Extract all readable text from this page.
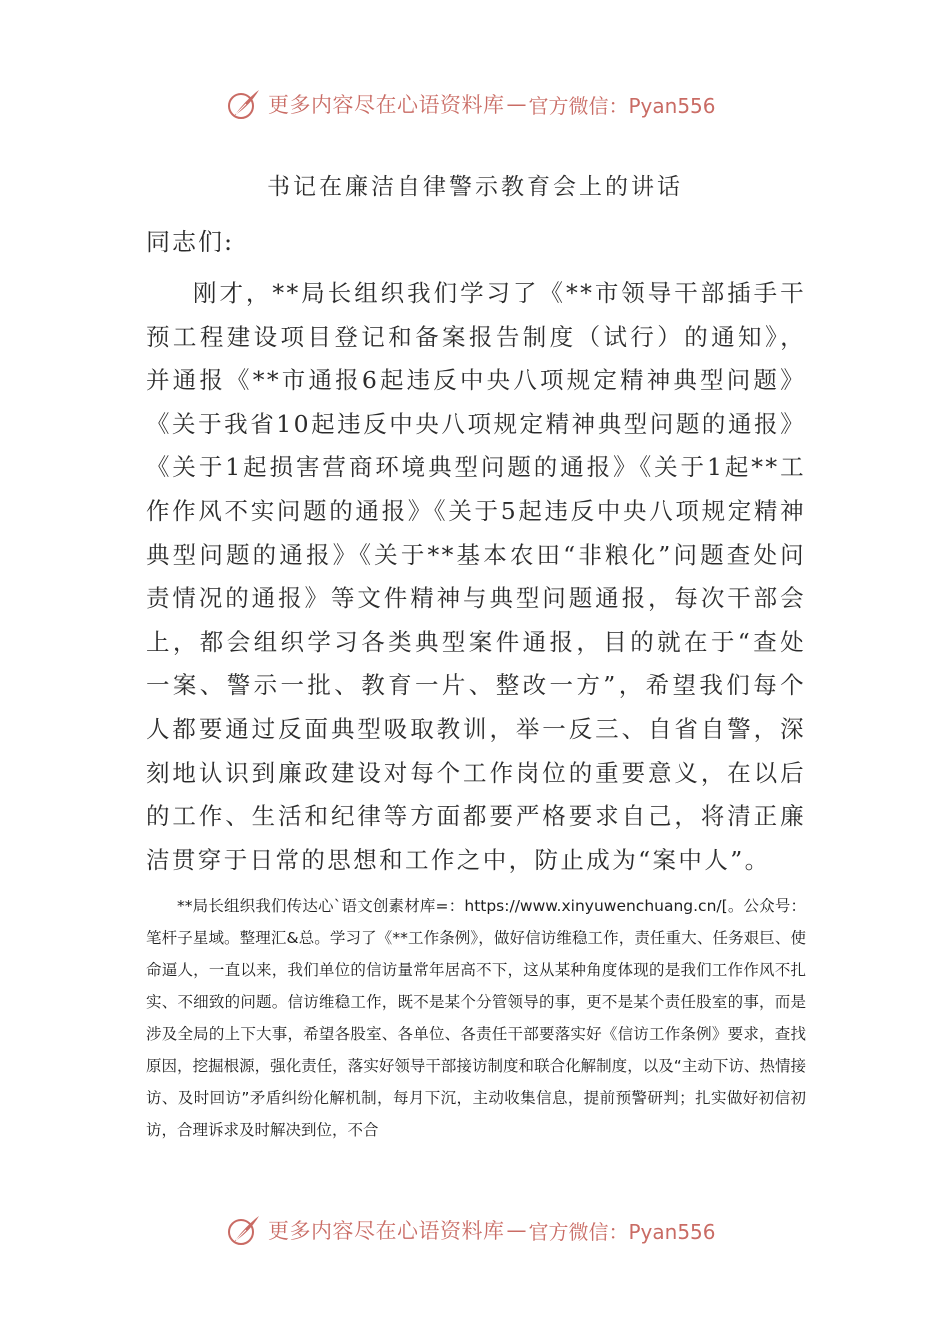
更多内容尽在心语资料库 — 官方微信：Pyan556
书记在廉洁自律警示教育会上的讲话
同志们:

刚才，**局长组织我们学习了《**市领导干部插手干预工程建设项目登记和备案报告制度（试行）的通知》，并通报《**市通报6起违反中央八项规定精神典型问题》《关于我省10起违反中央八项规定精神典型问题的通报》《关于1起损害营商环境典型问题的通报》《关于1起**工作作风不实问题的通报》《关于5起违反中央八项规定精神典型问题的通报》《关于**基本农田“非粮化”问题查处问责情况的通报》等文件精神与典型问题通报，每次干部会上，都会组织学习各类典型案件通报，目的就在于“查处一案、警示一批、教育一片、整改一方”，希望我们每个人都要通过反面典型吸取教训，举一反三、自省自警，深刻地认识到廉政建设对每个工作岗位的重要意义，在以后的工作、生活和纪律等方面都要严格要求自己，将清正廉洁贯穿于日常的思想和工作之中，防止成为“案中人”。

**局长组织我们传达心`语文创素材库=：https://www.xinyuwenchuang.cn/[。公众号：笔杆子星域。整理汇&总。学习了《**工作条例》，做好信访维稳工作，责任重大、任务艰巨、使命逼人，一直以来，我们单位的信访量常年居高不下，这从某种角度体现的是我们工作作风不扎实、不细致的问题。信访维稳工作，既不是某个分管领导的事，更不是某个责任股室的事，而是涉及全局的上下大事，希望各股室、各单位、各责任干部要落实好《信访工作条例》要求，查找原因，挖掘根源，强化责任，落实好领导干部接访制度和联合化解制度，以及“主动下访、热情接访、及时回访”矛盾纠纷化解机制，每月下沉，主动收集信息，提前预警研判；扎实做好初信初访，合理诉求及时解决到位，不合

更多内容尽在心语资料库 — 官方微信：Pyan556
